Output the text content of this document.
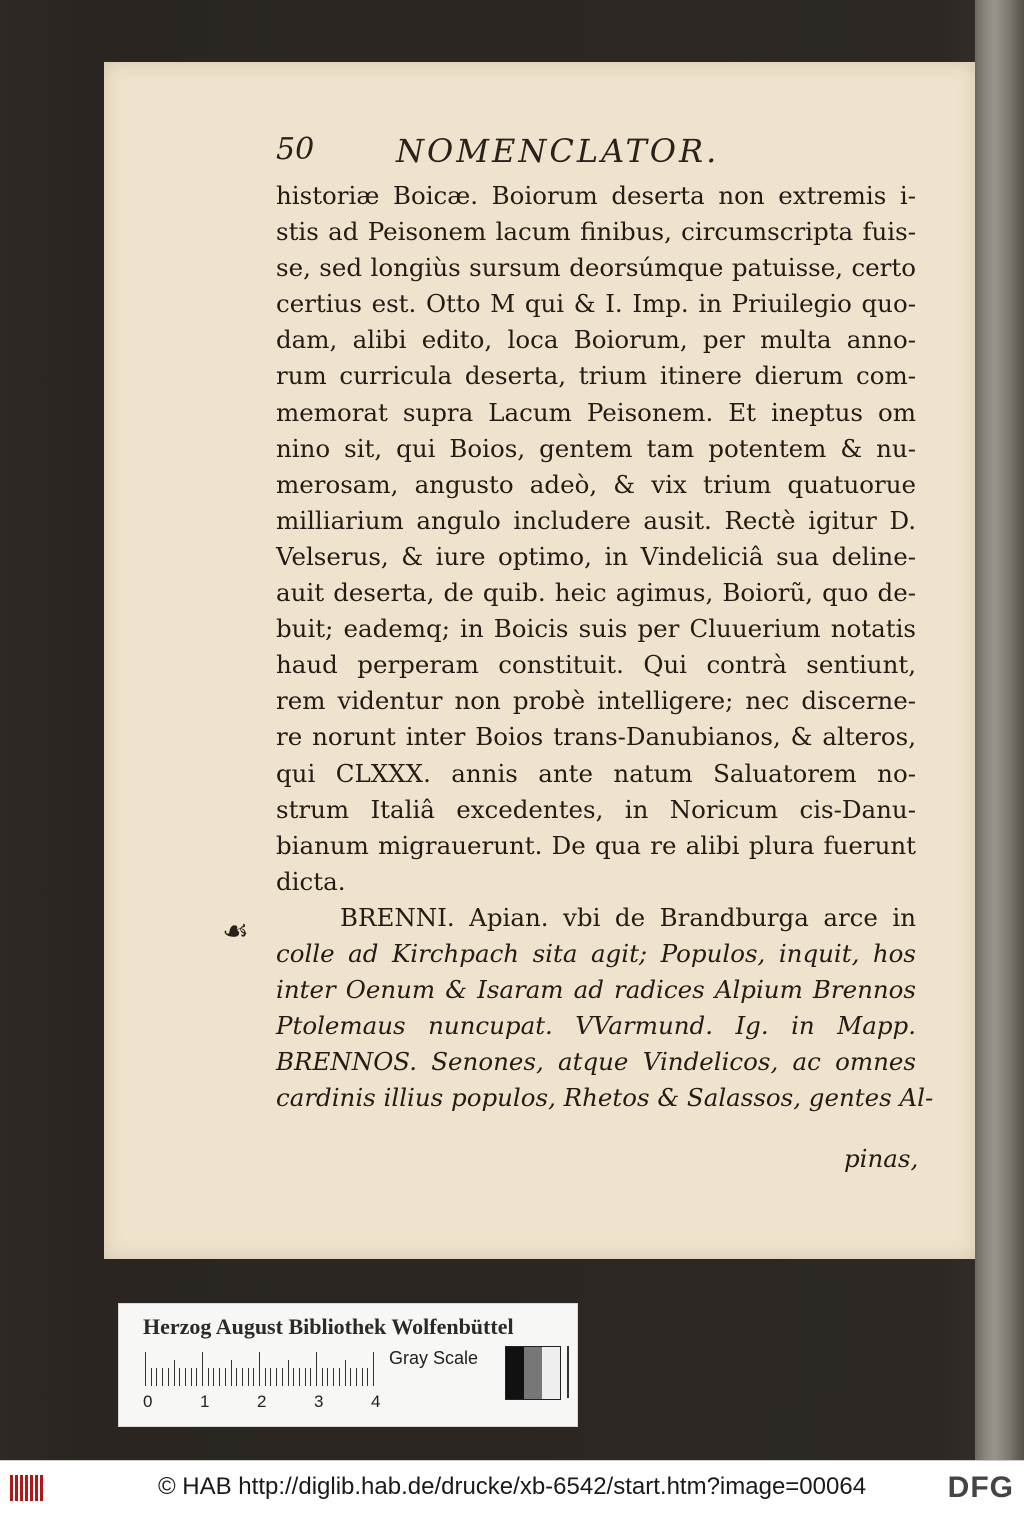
50	NOMENCLATOR.
historiæ Boicæ. Boiorum deserta non extremis i-
stis ad Peisonem lacum finibus, circumscripta fuis-
se, sed longiùs sursum deorsúmque patuisse, certo
certius est. Otto M qui & I. Imp. in Priuilegio quo-
dam, alibi edito, loca Boiorum, per multa anno-
rum curricula deserta, trium itinere dierum com-
memorat supra Lacum Peisonem. Et ineptus om
nino sit, qui Boios, gentem tam potentem & nu-
merosam, angusto adeò, & vix trium quatuorue
milliarium angulo includere ausit. Rectè igitur D.
Velserus, & iure optimo, in Vindeliciâ sua deline-
auit deserta, de quib. heic agimus, Boiorũ, quo de-
buit; eademq; in Boicis suis per Cluuerium notatis
haud perperam constituit. Qui contrà sentiunt,
rem videntur non probè intelligere; nec discerne-
re norunt inter Boios trans-Danubianos, & alteros,
qui CLXXX. annis ante natum Saluatorem no-
strum Italiâ excedentes, in Noricum cis-Danu-
bianum migrauerunt. De qua re alibi plura fuerunt
dicta.
BRENNI. Apian. vbi de Brandburga arce in
colle ad Kirchpach sita agit; Populos, inquit, hos
inter Oenum & Isaram ad radices Alpium Brennos
Ptolemaus nuncupat. VVarmund. Ig. in Mapp.
BRENNOS. Senones, atque Vindelicos, ac omnes
cardinis illius populos, Rhetos & Salassos, gentes Al-
☙
pinas,
Herzog August Bibliothek Wolfenbüttel
0	1	2	3	4
Gray Scale
© HAB http://diglib.hab.de/drucke/xb-6542/start.htm?image=00064	DFG
